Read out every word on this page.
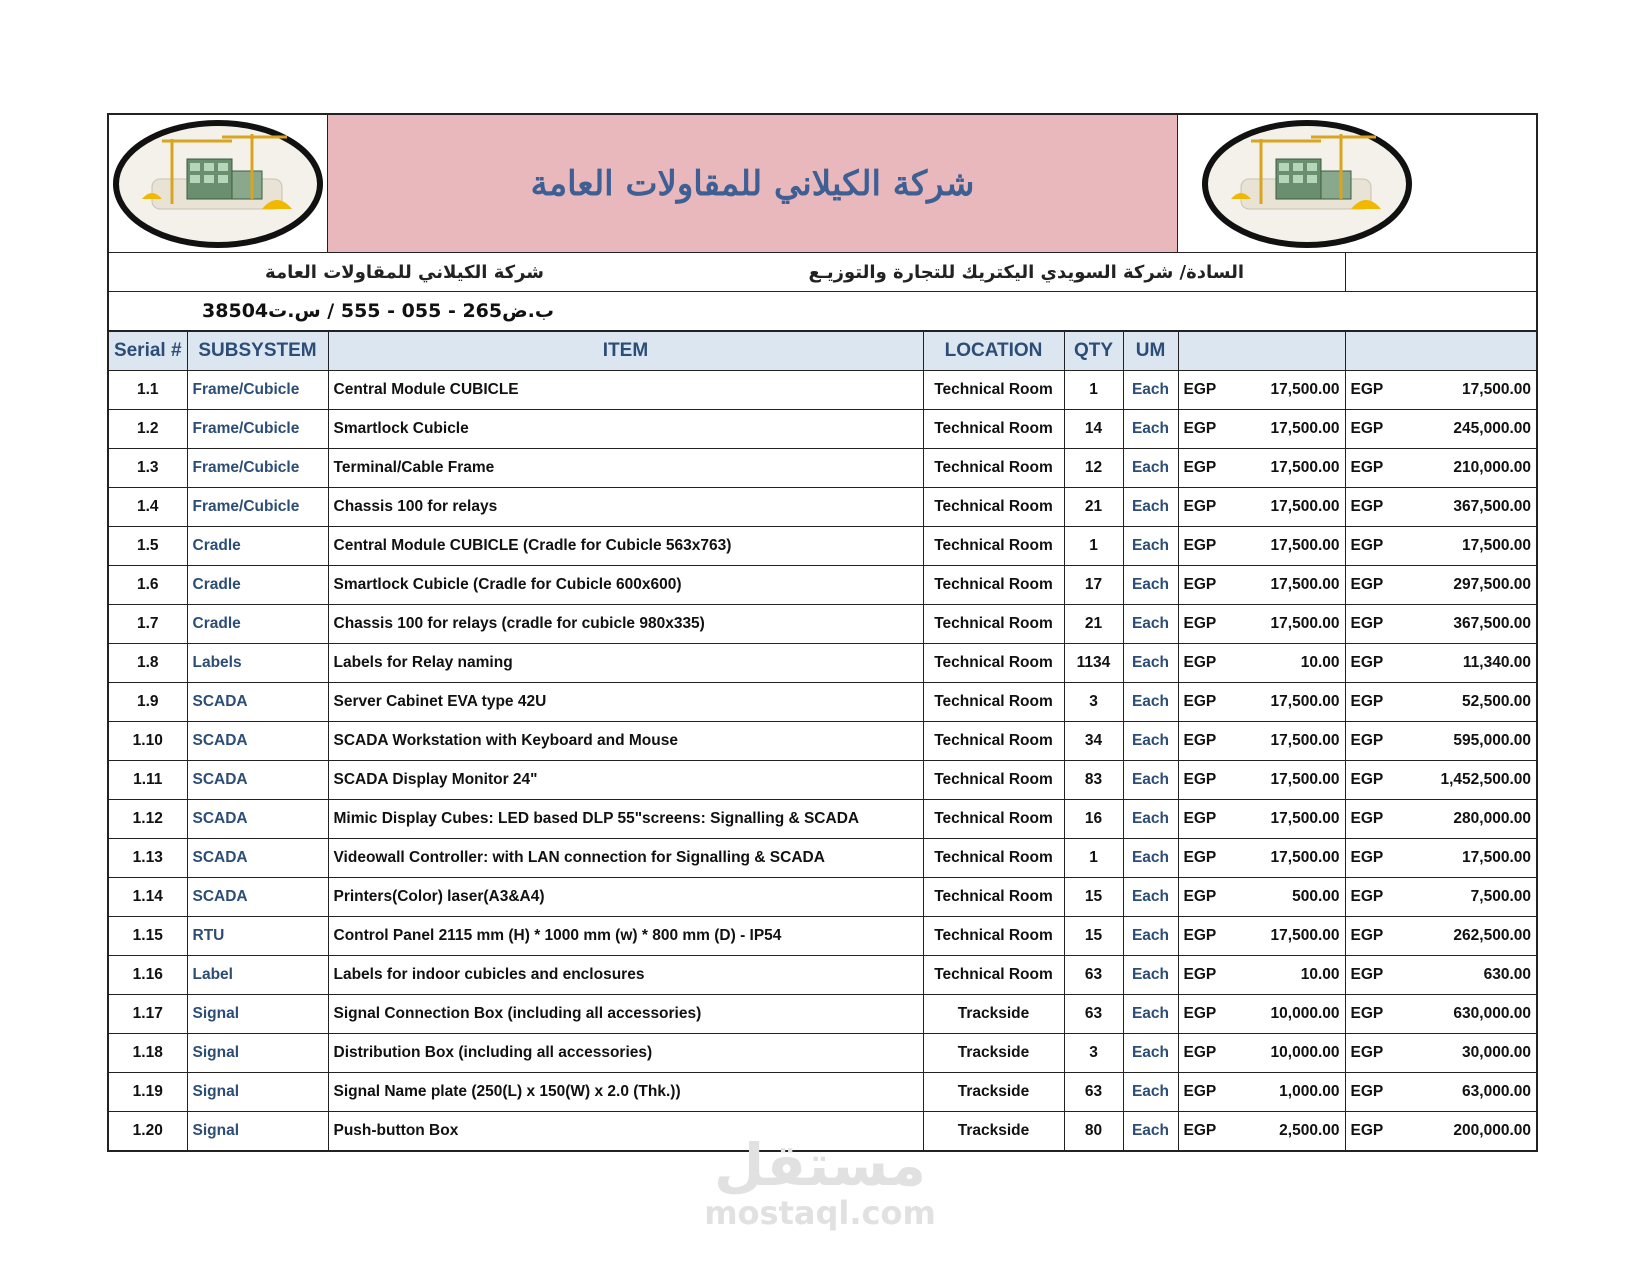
شركة الكيلاني للمقاولات العامة
شركة الكيلاني للمقاولات العامة	السادة/ شركة السويدي اليكتريك للتجارة والتوزيـع
ب.ض265 - 055 - 555 / س.ت38504
Serial #	SUBSYSTEM	ITEM	LOCATION	QTY	UM		
1.1	Frame/Cubicle	Central Module CUBICLE	Technical Room	1	Each	EGP 17,500.00	EGP 17,500.00

1.2	Frame/Cubicle	Smartlock Cubicle	Technical Room	14	Each	EGP 17,500.00	EGP 245,000.00

1.3	Frame/Cubicle	Terminal/Cable Frame	Technical Room	12	Each	EGP 17,500.00	EGP 210,000.00

1.4	Frame/Cubicle	Chassis 100 for relays	Technical Room	21	Each	EGP 17,500.00	EGP 367,500.00

1.5	Cradle	Central Module CUBICLE (Cradle for Cubicle 563x763)	Technical Room	1	Each	EGP 17,500.00	EGP 17,500.00

1.6	Cradle	Smartlock Cubicle (Cradle for Cubicle 600x600)	Technical Room	17	Each	EGP 17,500.00	EGP 297,500.00

1.7	Cradle	Chassis 100 for relays (cradle for cubicle 980x335)	Technical Room	21	Each	EGP 17,500.00	EGP 367,500.00

1.8	Labels	Labels for Relay naming	Technical Room	1134	Each	EGP 10.00	EGP 11,340.00

1.9	SCADA	Server Cabinet EVA type 42U	Technical Room	3	Each	EGP 17,500.00	EGP 52,500.00

1.10	SCADA	SCADA Workstation with Keyboard and Mouse	Technical Room	34	Each	EGP 17,500.00	EGP 595,000.00

1.11	SCADA	SCADA Display Monitor 24"	Technical Room	83	Each	EGP 17,500.00	EGP 1,452,500.00

1.12	SCADA	Mimic Display Cubes: LED based DLP 55"screens: Signalling & SCADA	Technical Room	16	Each	EGP 17,500.00	EGP 280,000.00

1.13	SCADA	Videowall Controller: with LAN connection for Signalling & SCADA	Technical Room	1	Each	EGP 17,500.00	EGP 17,500.00

1.14	SCADA	Printers(Color) laser(A3&A4)	Technical Room	15	Each	EGP 500.00	EGP 7,500.00

1.15	RTU	Control Panel 2115 mm (H) * 1000 mm (w) * 800 mm (D) - IP54	Technical Room	15	Each	EGP 17,500.00	EGP 262,500.00

1.16	Label	Labels for indoor cubicles and enclosures	Technical Room	63	Each	EGP 10.00	EGP 630.00

1.17	Signal	Signal Connection Box (including all accessories)	Trackside	63	Each	EGP 10,000.00	EGP 630,000.00

1.18	Signal	Distribution Box (including all accessories)	Trackside	3	Each	EGP 10,000.00	EGP 30,000.00

1.19	Signal	Signal Name plate (250(L) x 150(W) x 2.0 (Thk.))	Trackside	63	Each	EGP 1,000.00	EGP 63,000.00

1.20	Signal	Push-button Box	Trackside	80	Each	EGP 2,500.00	EGP 200,000.00
مستقل
mostaql.com
